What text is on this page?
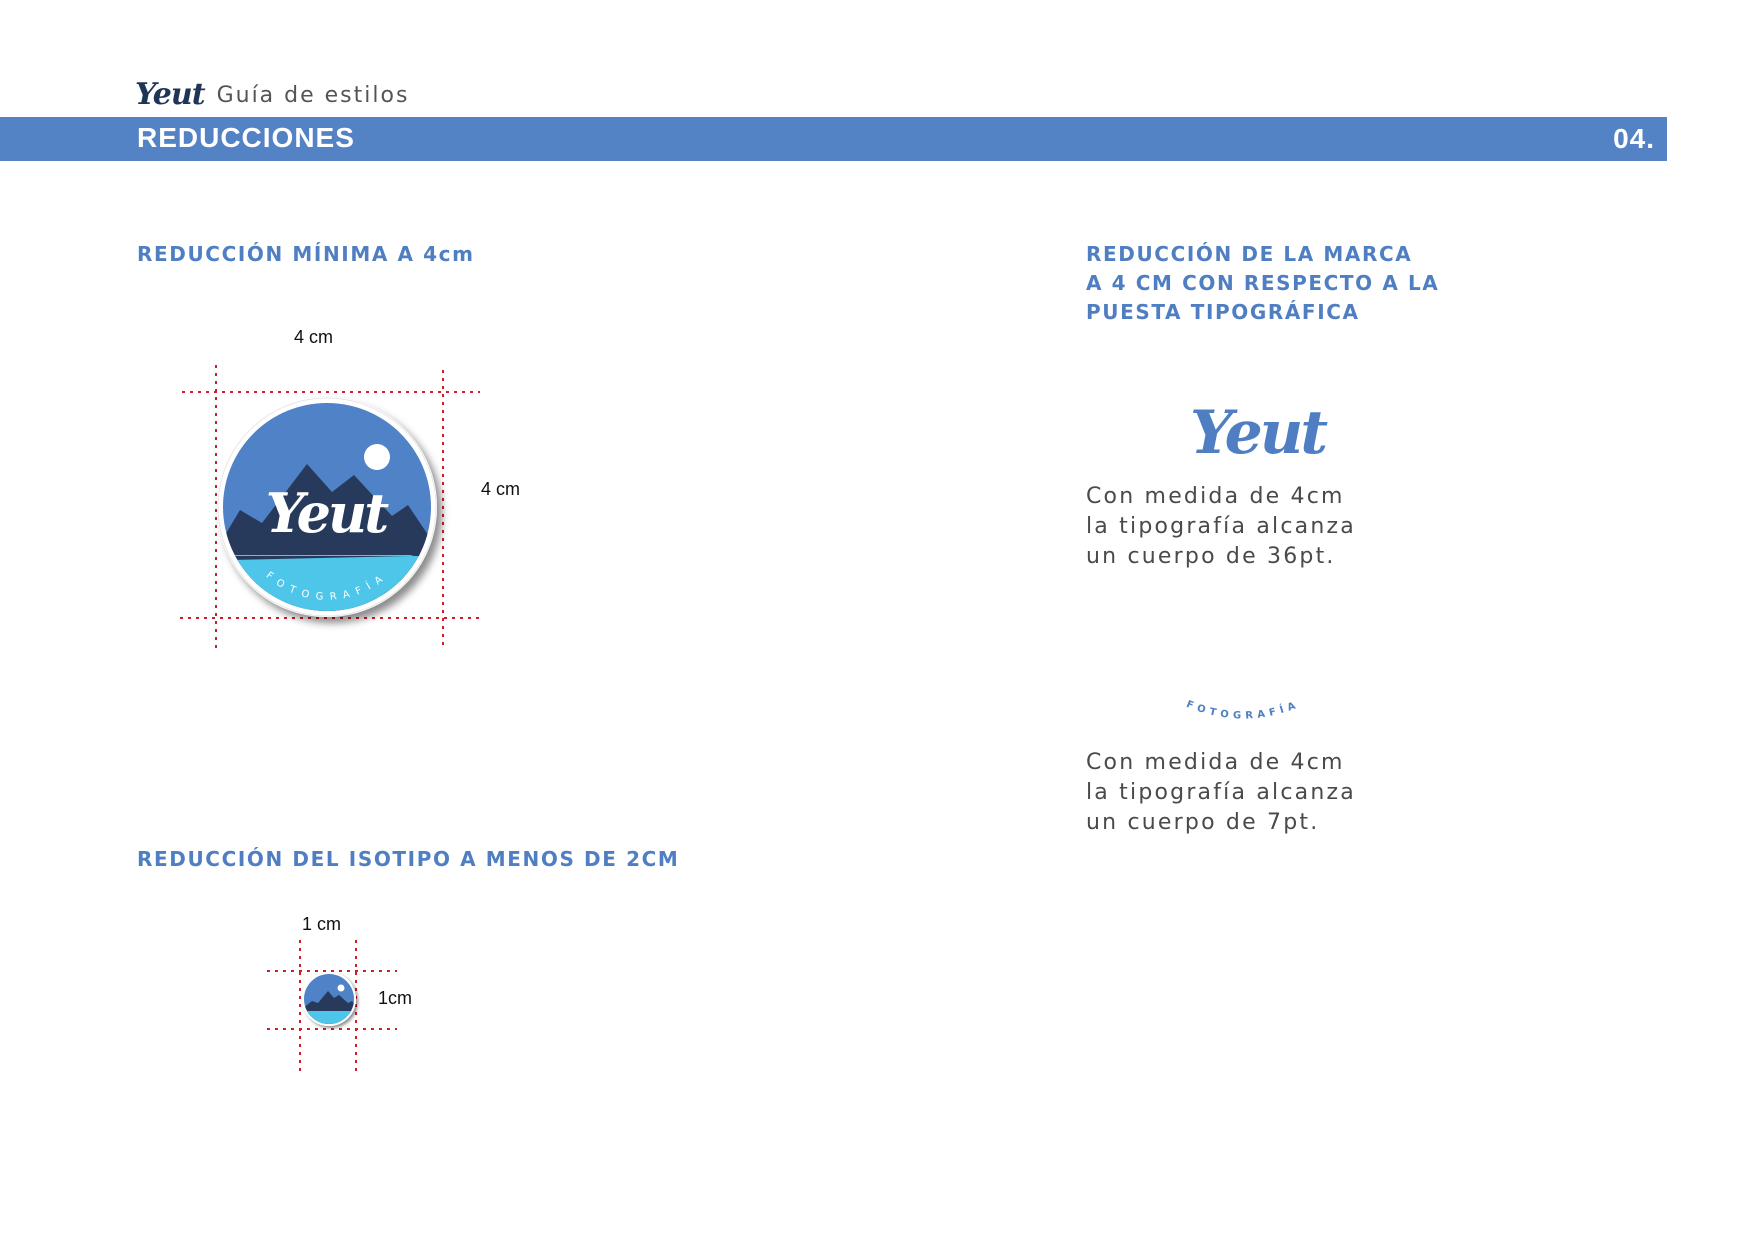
Yeut Guía de estilos
REDUCCIONES	04.
REDUCCIÓN MÍNIMA A 4cm
4 cm
4 cm
Yeut
FOTOGRAFÍA
REDUCCIÓN DEL ISOTIPO A MENOS DE 2CM
1 cm
1cm
REDUCCIÓN DE LA MARCA
A 4 CM CON RESPECTO A LA
PUESTA TIPOGRÁFICA
Yeut
Con medida de 4cm
la tipografía alcanza
un cuerpo de 36pt.
FOTOGRAFÍA
Con medida de 4cm
la tipografía alcanza
un cuerpo de 7pt.
